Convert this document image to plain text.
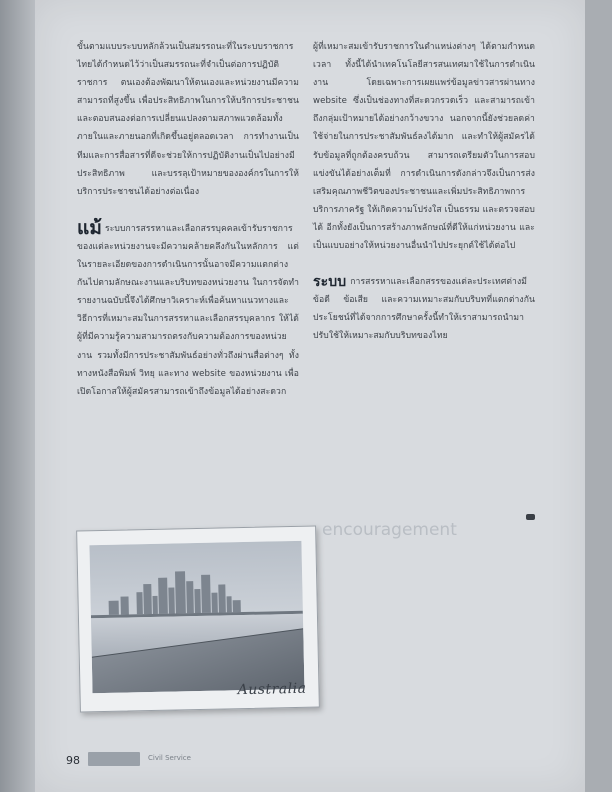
ขั้นตามแบบระบบหลักล้วนเป็นสมรรถนะที่ในระบบราชการไทยได้กำหนดไว้ว่าเป็นสมรรถนะที่จำเป็นต่อการปฏิบัติราชการ ตนเองต้องพัฒนาให้ตนเองและหน่วยงานมีความสามารถที่สูงขึ้น เพื่อประสิทธิภาพในการให้บริการประชาชนและตอบสนองต่อการเปลี่ยนแปลงตามสภาพแวดล้อมทั้งภายในและภายนอกที่เกิดขึ้นอยู่ตลอดเวลา การทำงานเป็นทีมและการสื่อสารที่ดีจะช่วยให้การปฏิบัติงานเป็นไปอย่างมีประสิทธิภาพ และบรรลุเป้าหมายขององค์กรในการให้บริการประชาชนได้อย่างต่อเนื่อง

แม้ ระบบการสรรหาและเลือกสรรบุคคลเข้ารับราชการของแต่ละหน่วยงานจะมีความคล้ายคลึงกันในหลักการ แต่ในรายละเอียดของการดำเนินการนั้นอาจมีความแตกต่างกันไปตามลักษณะงานและบริบทของหน่วยงาน ในการจัดทำรายงานฉบับนี้จึงได้ศึกษาวิเคราะห์เพื่อค้นหาแนวทางและวิธีการที่เหมาะสมในการสรรหาและเลือกสรรบุคลากร ให้ได้ผู้ที่มีความรู้ความสามารถตรงกับความต้องการของหน่วยงาน รวมทั้งมีการประชาสัมพันธ์อย่างทั่วถึงผ่านสื่อต่างๆ ทั้งทางหนังสือพิมพ์ วิทยุ และทาง website ของหน่วยงาน เพื่อเปิดโอกาสให้ผู้สมัครสามารถเข้าถึงข้อมูลได้อย่างสะดวก

ผู้ที่เหมาะสมเข้ารับราชการในตำแหน่งต่างๆ ได้ตามกำหนดเวลา ทั้งนี้ได้นำเทคโนโลยีสารสนเทศมาใช้ในการดำเนินงาน โดยเฉพาะการเผยแพร่ข้อมูลข่าวสารผ่านทาง website ซึ่งเป็นช่องทางที่สะดวกรวดเร็ว และสามารถเข้าถึงกลุ่มเป้าหมายได้อย่างกว้างขวาง นอกจากนี้ยังช่วยลดค่าใช้จ่ายในการประชาสัมพันธ์ลงได้มาก และทำให้ผู้สมัครได้รับข้อมูลที่ถูกต้องครบถ้วน สามารถเตรียมตัวในการสอบแข่งขันได้อย่างเต็มที่ การดำเนินการดังกล่าวจึงเป็นการส่งเสริมคุณภาพชีวิตของประชาชนและเพิ่มประสิทธิภาพการบริการภาครัฐ ให้เกิดความโปร่งใส เป็นธรรม และตรวจสอบได้ อีกทั้งยังเป็นการสร้างภาพลักษณ์ที่ดีให้แก่หน่วยงาน และเป็นแบบอย่างให้หน่วยงานอื่นนำไปประยุกต์ใช้ได้ต่อไป

ระบบ การสรรหาและเลือกสรรของแต่ละประเทศต่างมีข้อดี ข้อเสีย และความเหมาะสมกับบริบทที่แตกต่างกัน ประโยชน์ที่ได้จากการศึกษาครั้งนี้ทำให้เราสามารถนำมาปรับใช้ให้เหมาะสมกับบริบทของไทย

encouragement
Australia
98	Civil Service
